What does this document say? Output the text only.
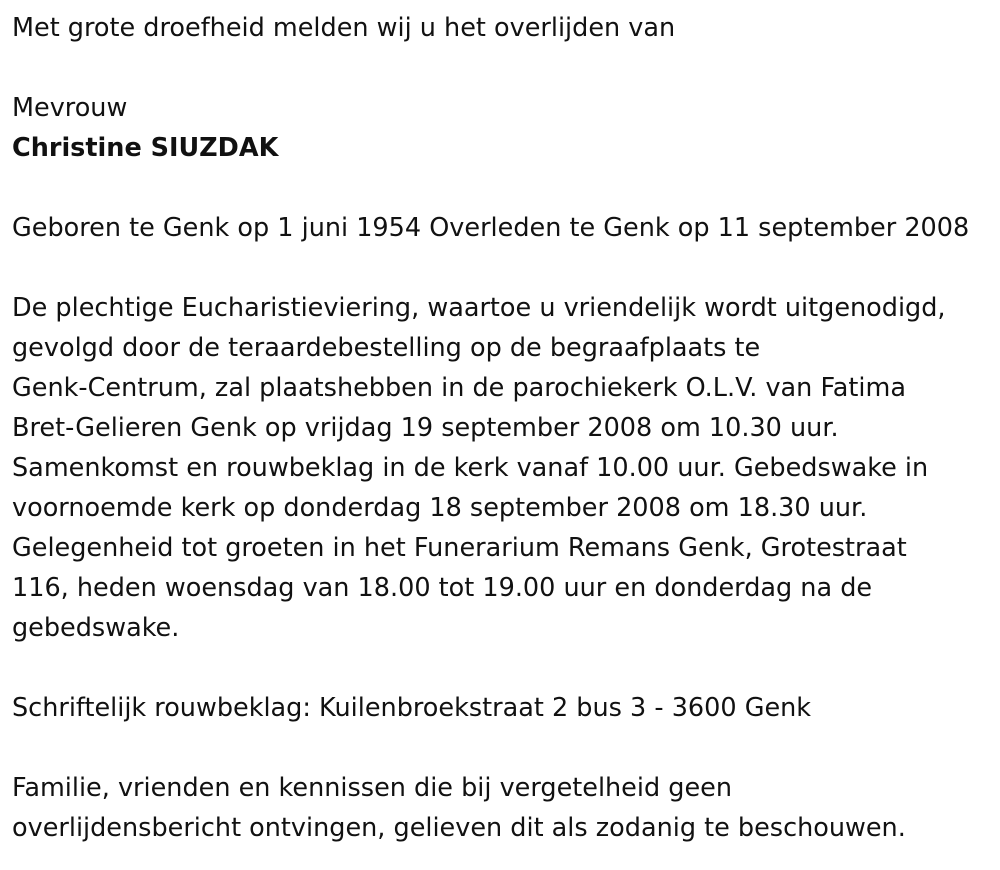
Met grote droefheid melden wij u het overlijden van
Mevrouw
Christine SIUZDAK
Geboren te Genk op 1 juni 1954 Overleden te Genk op 11 september 2008
De plechtige Eucharistieviering, waartoe u vriendelijk wordt uitgenodigd,
gevolgd door de teraardebestelling op de begraafplaats te
Genk-Centrum, zal plaatshebben in de parochiekerk O.L.V. van Fatima
Bret-Gelieren Genk op vrijdag 19 september 2008 om 10.30 uur.
Samenkomst en rouwbeklag in de kerk vanaf 10.00 uur. Gebedswake in
voornoemde kerk op donderdag 18 september 2008 om 18.30 uur.
Gelegenheid tot groeten in het Funerarium Remans Genk, Grotestraat
116, heden woensdag van 18.00 tot 19.00 uur en donderdag na de
gebedswake.
Schriftelijk rouwbeklag: Kuilenbroekstraat 2 bus 3 - 3600 Genk
Familie, vrienden en kennissen die bij vergetelheid geen
overlijdensbericht ontvingen, gelieven dit als zodanig te beschouwen.
